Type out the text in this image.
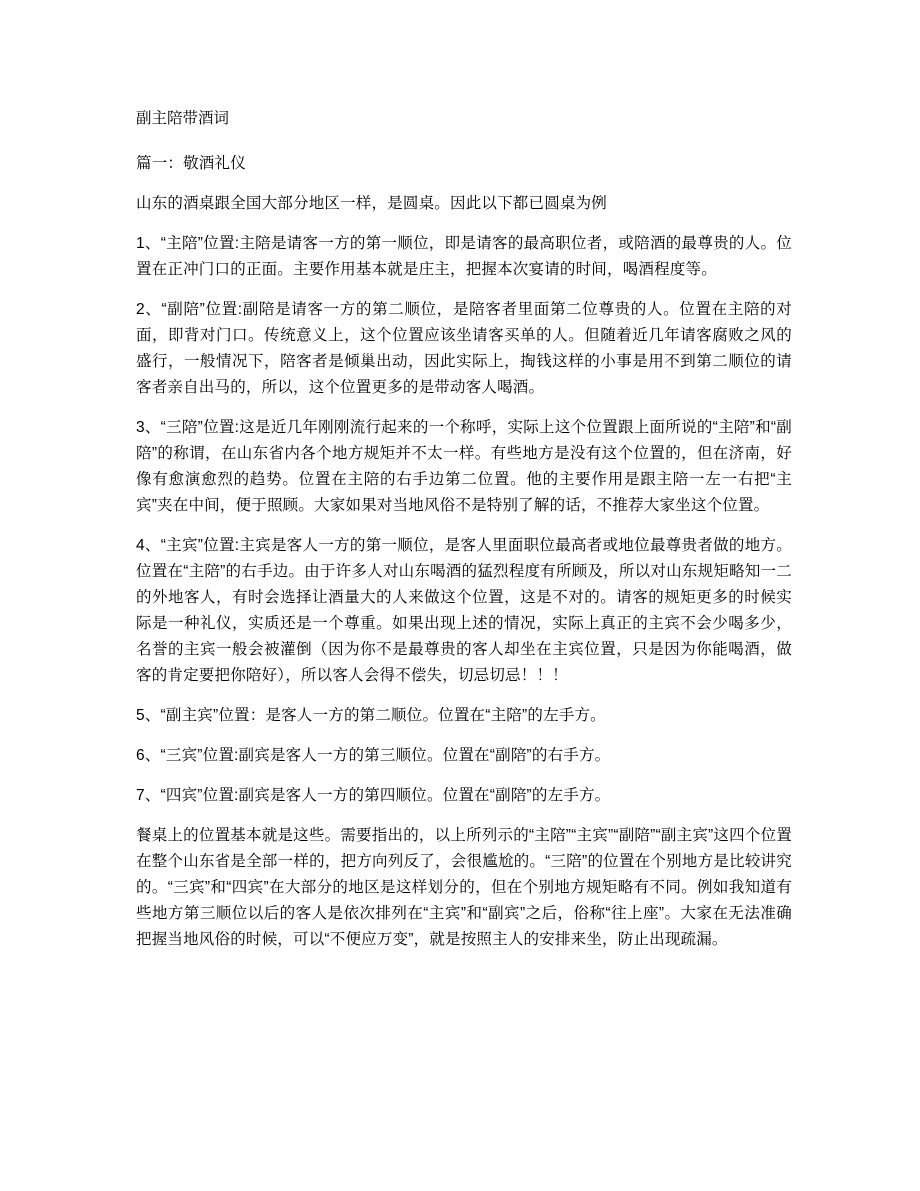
副主陪带酒词

篇一：敬酒礼仪

山东的酒桌跟全国大部分地区一样，是圆桌。因此以下都已圆桌为例

1、“主陪”位置:主陪是请客一方的第一顺位，即是请客的最高职位者，或陪酒的最尊贵的人。位置在正冲门口的正面。主要作用基本就是庄主，把握本次宴请的时间，喝酒程度等。

2、“副陪”位置:副陪是请客一方的第二顺位，是陪客者里面第二位尊贵的人。位置在主陪的对面，即背对门口。传统意义上，这个位置应该坐请客买单的人。但随着近几年请客腐败之风的盛行，一般情况下，陪客者是倾巢出动，因此实际上，掏钱这样的小事是用不到第二顺位的请客者亲自出马的，所以，这个位置更多的是带动客人喝酒。

3、“三陪”位置:这是近几年刚刚流行起来的一个称呼，实际上这个位置跟上面所说的“主陪”和“副陪”的称谓，在山东省内各个地方规矩并不太一样。有些地方是没有这个位置的，但在济南，好像有愈演愈烈的趋势。位置在主陪的右手边第二位置。他的主要作用是跟主陪一左一右把“主宾”夹在中间，便于照顾。大家如果对当地风俗不是特别了解的话，不推荐大家坐这个位置。

4、“主宾”位置:主宾是客人一方的第一顺位，是客人里面职位最高者或地位最尊贵者做的地方。位置在“主陪”的右手边。由于许多人对山东喝酒的猛烈程度有所顾及，所以对山东规矩略知一二的外地客人，有时会选择让酒量大的人来做这个位置，这是不对的。请客的规矩更多的时候实际是一种礼仪，实质还是一个尊重。如果出现上述的情况，实际上真正的主宾不会少喝多少，名誉的主宾一般会被灌倒（因为你不是最尊贵的客人却坐在主宾位置，只是因为你能喝酒，做客的肯定要把你陪好），所以客人会得不偿失，切忌切忌！！！

5、“副主宾”位置：是客人一方的第二顺位。位置在“主陪”的左手方。

6、“三宾”位置:副宾是客人一方的第三顺位。位置在“副陪”的右手方。

7、“四宾”位置:副宾是客人一方的第四顺位。位置在“副陪”的左手方。

餐桌上的位置基本就是这些。需要指出的，以上所列示的“主陪”“主宾”“副陪”“副主宾”这四个位置在整个山东省是全部一样的，把方向列反了，会很尴尬的。“三陪”的位置在个别地方是比较讲究的。“三宾”和“四宾”在大部分的地区是这样划分的，但在个别地方规矩略有不同。例如我知道有些地方第三顺位以后的客人是依次排列在“主宾”和“副宾”之后，俗称“往上座”。大家在无法准确把握当地风俗的时候，可以“不便应万变”，就是按照主人的安排来坐，防止出现疏漏。
